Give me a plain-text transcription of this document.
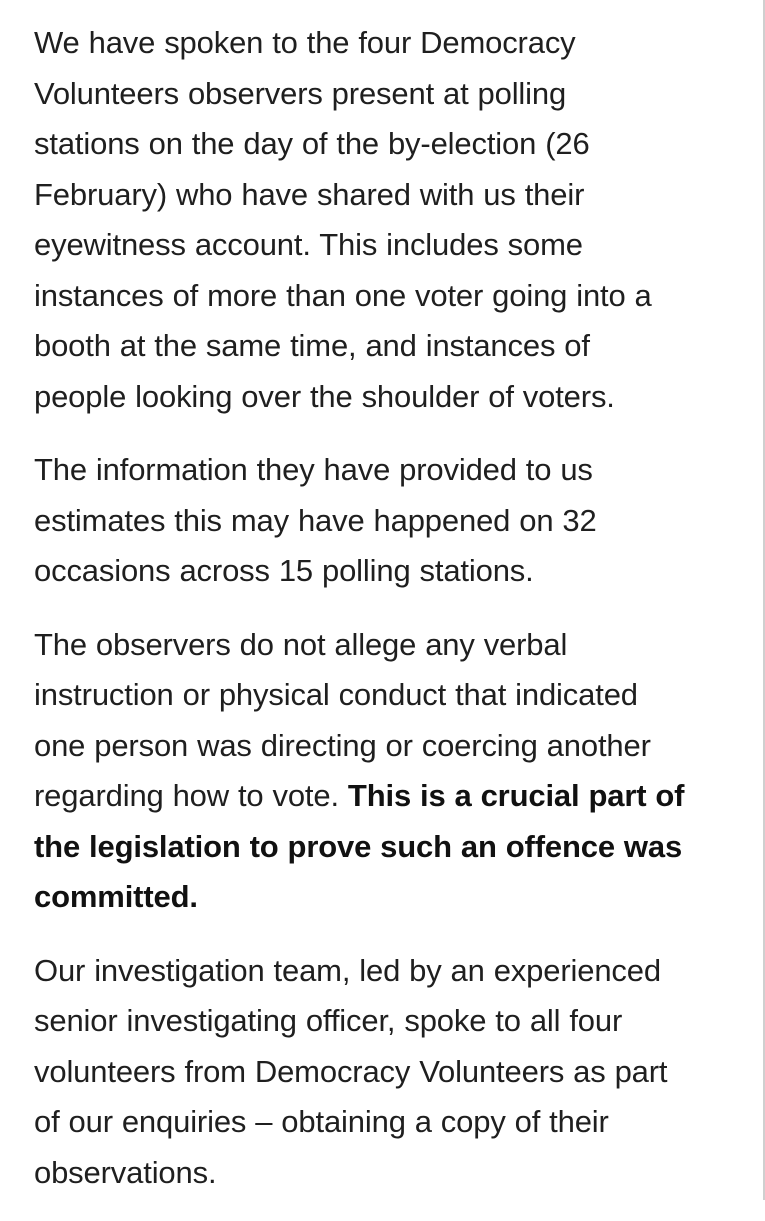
We have spoken to the four Democracy
Volunteers observers present at polling
stations on the day of the by-election (26
February) who have shared with us their
eyewitness account. This includes some
instances of more than one voter going into a
booth at the same time, and instances of
people looking over the shoulder of voters.

The information they have provided to us
estimates this may have happened on 32
occasions across 15 polling stations.

The observers do not allege any verbal
instruction or physical conduct that indicated
one person was directing or coercing another
regarding how to vote. This is a crucial part of
the legislation to prove such an offence was
committed.

Our investigation team, led by an experienced
senior investigating officer, spoke to all four
volunteers from Democracy Volunteers as part
of our enquiries – obtaining a copy of their
observations.
